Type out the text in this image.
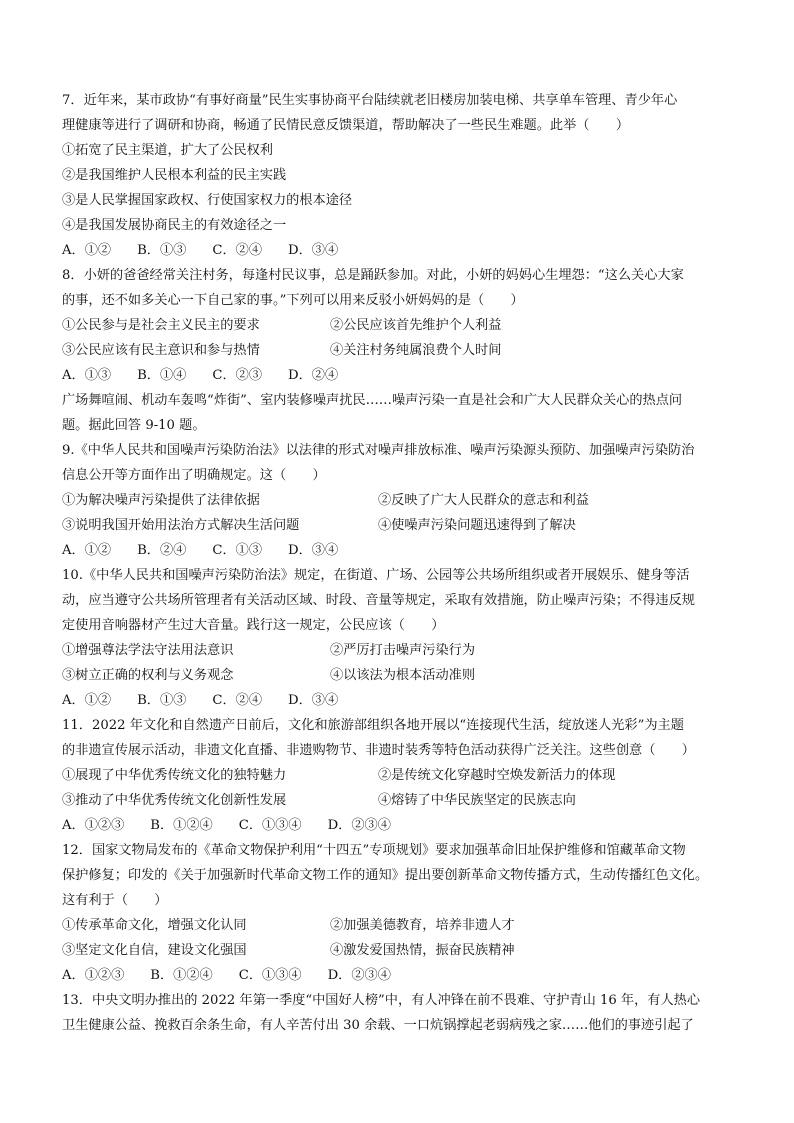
7．近年来，某市政协“有事好商量”民生实事协商平台陆续就老旧楼房加装电梯、共享单车管理、青少年心
理健康等进行了调研和协商，畅通了民情民意反馈渠道，帮助解决了一些民生难题。此举（　　）
①拓宽了民主渠道，扩大了公民权利
②是我国维护人民根本利益的民主实践
③是人民掌握国家政权、行使国家权力的根本途径
④是我国发展协商民主的有效途径之一
A．①② B．①③ C．②④ D．③④
8．小妍的爸爸经常关注村务，每逢村民议事，总是踊跃参加。对此，小妍的妈妈心生埋怨：“这么关心大家
的事，还不如多关心一下自己家的事。”下列可以用来反驳小妍妈妈的是（　　）
①公民参与是社会主义民主的要求	②公民应该首先维护个人利益
③公民应该有民主意识和参与热情	④关注村务纯属浪费个人时间
A．①③ B．①④ C．②③ D．②④
广场舞喧闹、机动车轰鸣“炸街”、室内装修噪声扰民……噪声污染一直是社会和广大人民群众关心的热点问
题。据此回答 9-10 题。
9.《中华人民共和国噪声污染防治法》以法律的形式对噪声排放标准、噪声污染源头预防、加强噪声污染防治
信息公开等方面作出了明确规定。这（　　）
①为解决噪声污染提供了法律依据	②反映了广大人民群众的意志和利益
③说明我国开始用法治方式解决生活问题	④使噪声污染问题迅速得到了解决
A．①② B．②④ C．①③ D．③④
10.《中华人民共和国噪声污染防治法》规定，在街道、广场、公园等公共场所组织或者开展娱乐、健身等活
动，应当遵守公共场所管理者有关活动区域、时段、音量等规定，采取有效措施，防止噪声污染；不得违反规
定使用音响器材产生过大音量。践行这一规定，公民应该（　　）
①增强尊法学法守法用法意识	②严厉打击噪声污染行为
③树立正确的权利与义务观念	④以该法为根本活动准则
A．①② B．①③ C．②④ D．③④
11．2022 年文化和自然遗产日前后，文化和旅游部组织各地开展以“连接现代生活，绽放迷人光彩”为主题
的非遗宣传展示活动，非遗文化直播、非遗购物节、非遗时装秀等特色活动获得广泛关注。这些创意（　　）
①展现了中华优秀传统文化的独特魅力	②是传统文化穿越时空焕发新活力的体现
③推动了中华优秀传统文化创新性发展	④熔铸了中华民族坚定的民族志向
A．①②③ B．①②④ C．①③④ D．②③④
12．国家文物局发布的《革命文物保护利用“十四五”专项规划》要求加强革命旧址保护维修和馆藏革命文物
保护修复；印发的《关于加强新时代革命文物工作的通知》提出要创新革命文物传播方式，生动传播红色文化。
这有利于（　　）
①传承革命文化，增强文化认同	②加强美德教育，培养非遗人才
③坚定文化自信，建设文化强国	④激发爱国热情，振奋民族精神
A．①②③ B．①②④ C．①③④ D．②③④
13．中央文明办推出的 2022 年第一季度“中国好人榜”中，有人冲锋在前不畏难、守护青山 16 年，有人热心
卫生健康公益、挽救百余条生命，有人辛苦付出 30 余载、一口炕锅撑起老弱病残之家……他们的事迹引起了
